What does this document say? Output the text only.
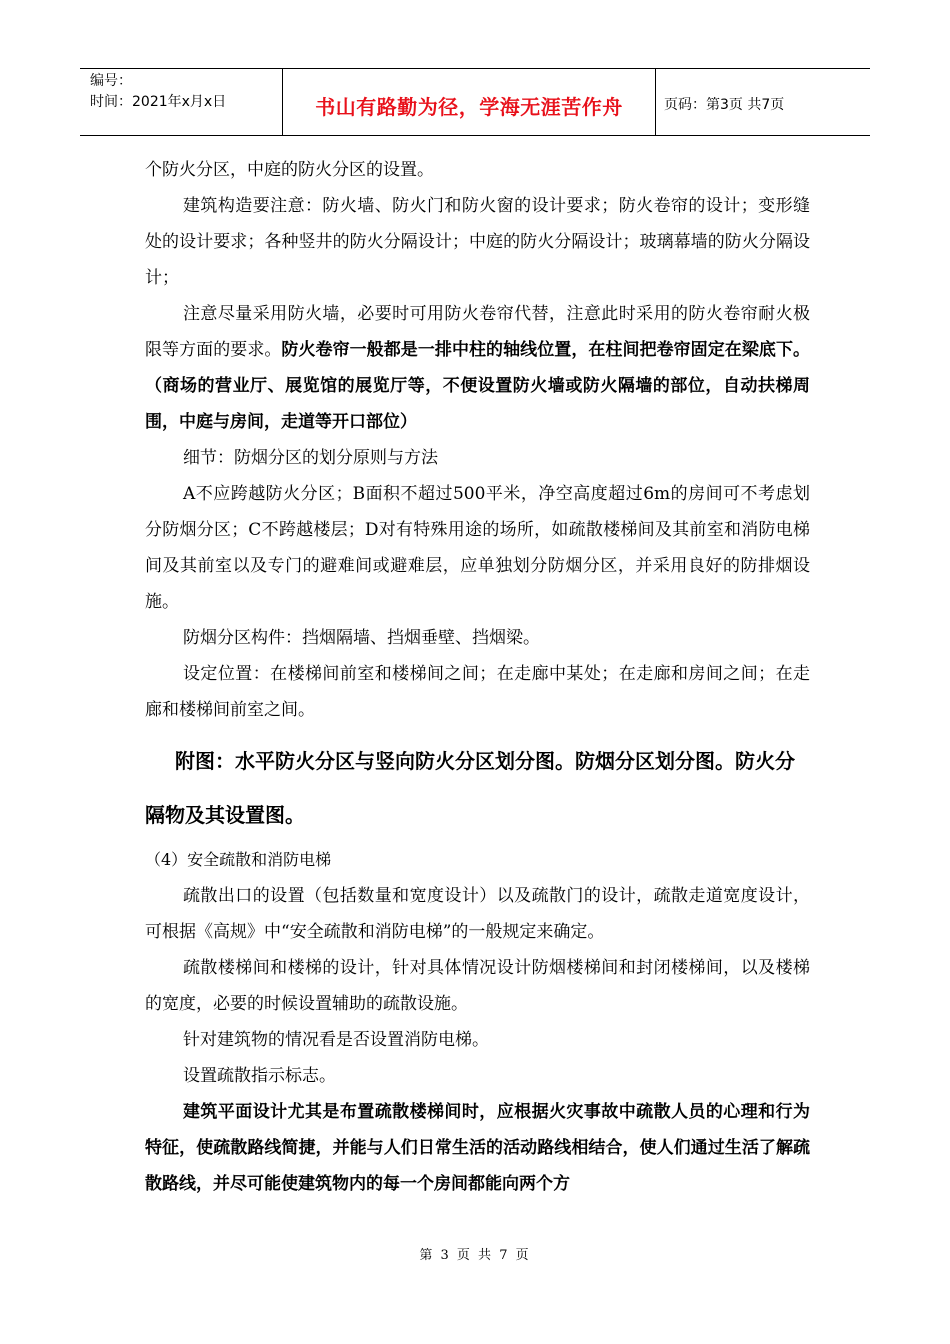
编号：
时间：2021年x月x日	书山有路勤为径，学海无涯苦作舟	页码：第3页 共7页

个防火分区，中庭的防火分区的设置。

建筑构造要注意：防火墙、防火门和防火窗的设计要求；防火卷帘的设计；变形缝处的设计要求；各种竖井的防火分隔设计；中庭的防火分隔设计；玻璃幕墙的防火分隔设计；

注意尽量采用防火墙，必要时可用防火卷帘代替，注意此时采用的防火卷帘耐火极限等方面的要求。防火卷帘一般都是一排中柱的轴线位置，在柱间把卷帘固定在梁底下。（商场的营业厅、展览馆的展览厅等，不便设置防火墙或防火隔墙的部位，自动扶梯周围，中庭与房间，走道等开口部位）

细节：防烟分区的划分原则与方法

A不应跨越防火分区；B面积不超过500平米，净空高度超过6m的房间可不考虑划分防烟分区；C不跨越楼层；D对有特殊用途的场所，如疏散楼梯间及其前室和消防电梯间及其前室以及专门的避难间或避难层，应单独划分防烟分区，并采用良好的防排烟设施。

防烟分区构件：挡烟隔墙、挡烟垂壁、挡烟梁。

设定位置：在楼梯间前室和楼梯间之间；在走廊中某处；在走廊和房间之间；在走廊和楼梯间前室之间。

附图：水平防火分区与竖向防火分区划分图。防烟分区划分图。防火分隔物及其设置图。

（4）安全疏散和消防电梯

疏散出口的设置（包括数量和宽度设计）以及疏散门的设计，疏散走道宽度设计，可根据《高规》中“安全疏散和消防电梯”的一般规定来确定。

疏散楼梯间和楼梯的设计，针对具体情况设计防烟楼梯间和封闭楼梯间，以及楼梯的宽度，必要的时候设置辅助的疏散设施。

针对建筑物的情况看是否设置消防电梯。

设置疏散指示标志。

建筑平面设计尤其是布置疏散楼梯间时，应根据火灾事故中疏散人员的心理和行为特征，使疏散路线简捷，并能与人们日常生活的活动路线相结合，使人们通过生活了解疏散路线，并尽可能使建筑物内的每一个房间都能向两个方

第 3 页 共 7 页
